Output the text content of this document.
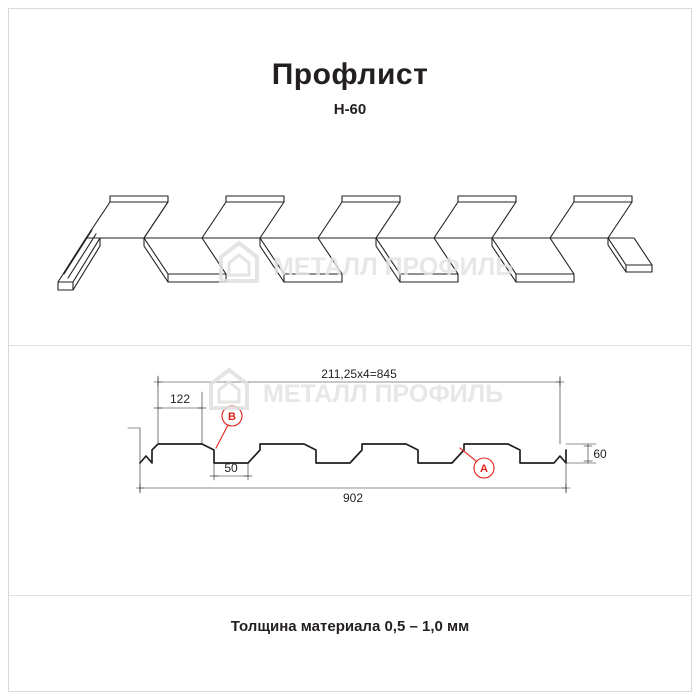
Профлист
Н-60
МЕТАЛЛ ПРОФИЛЬ
211,25х4=845
122
50
902
60
B
A
МЕТАЛЛ ПРОФИЛЬ
Толщина материала 0,5 – 1,0 мм
